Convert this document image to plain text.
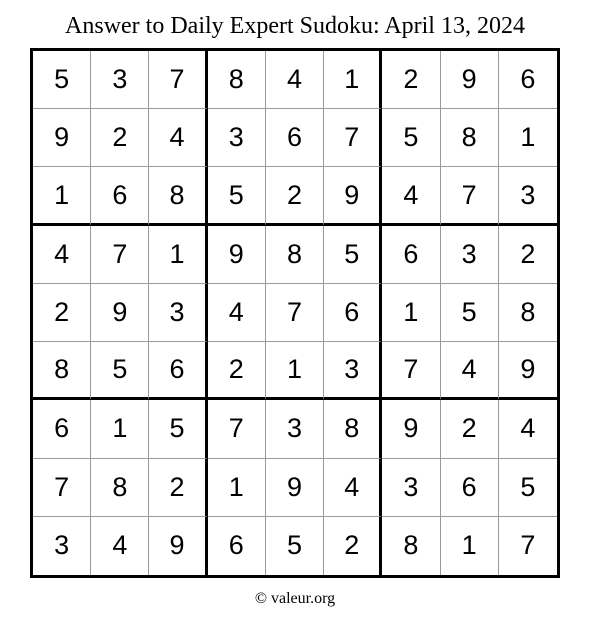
Answer to Daily Expert Sudoku: April 13, 2024
5	3	7	8	4	1	2	9	6
9	2	4	3	6	7	5	8	1
1	6	8	5	2	9	4	7	3
4	7	1	9	8	5	6	3	2
2	9	3	4	7	6	1	5	8
8	5	6	2	1	3	7	4	9
6	1	5	7	3	8	9	2	4
7	8	2	1	9	4	3	6	5
3	4	9	6	5	2	8	1	7
© valeur.org
